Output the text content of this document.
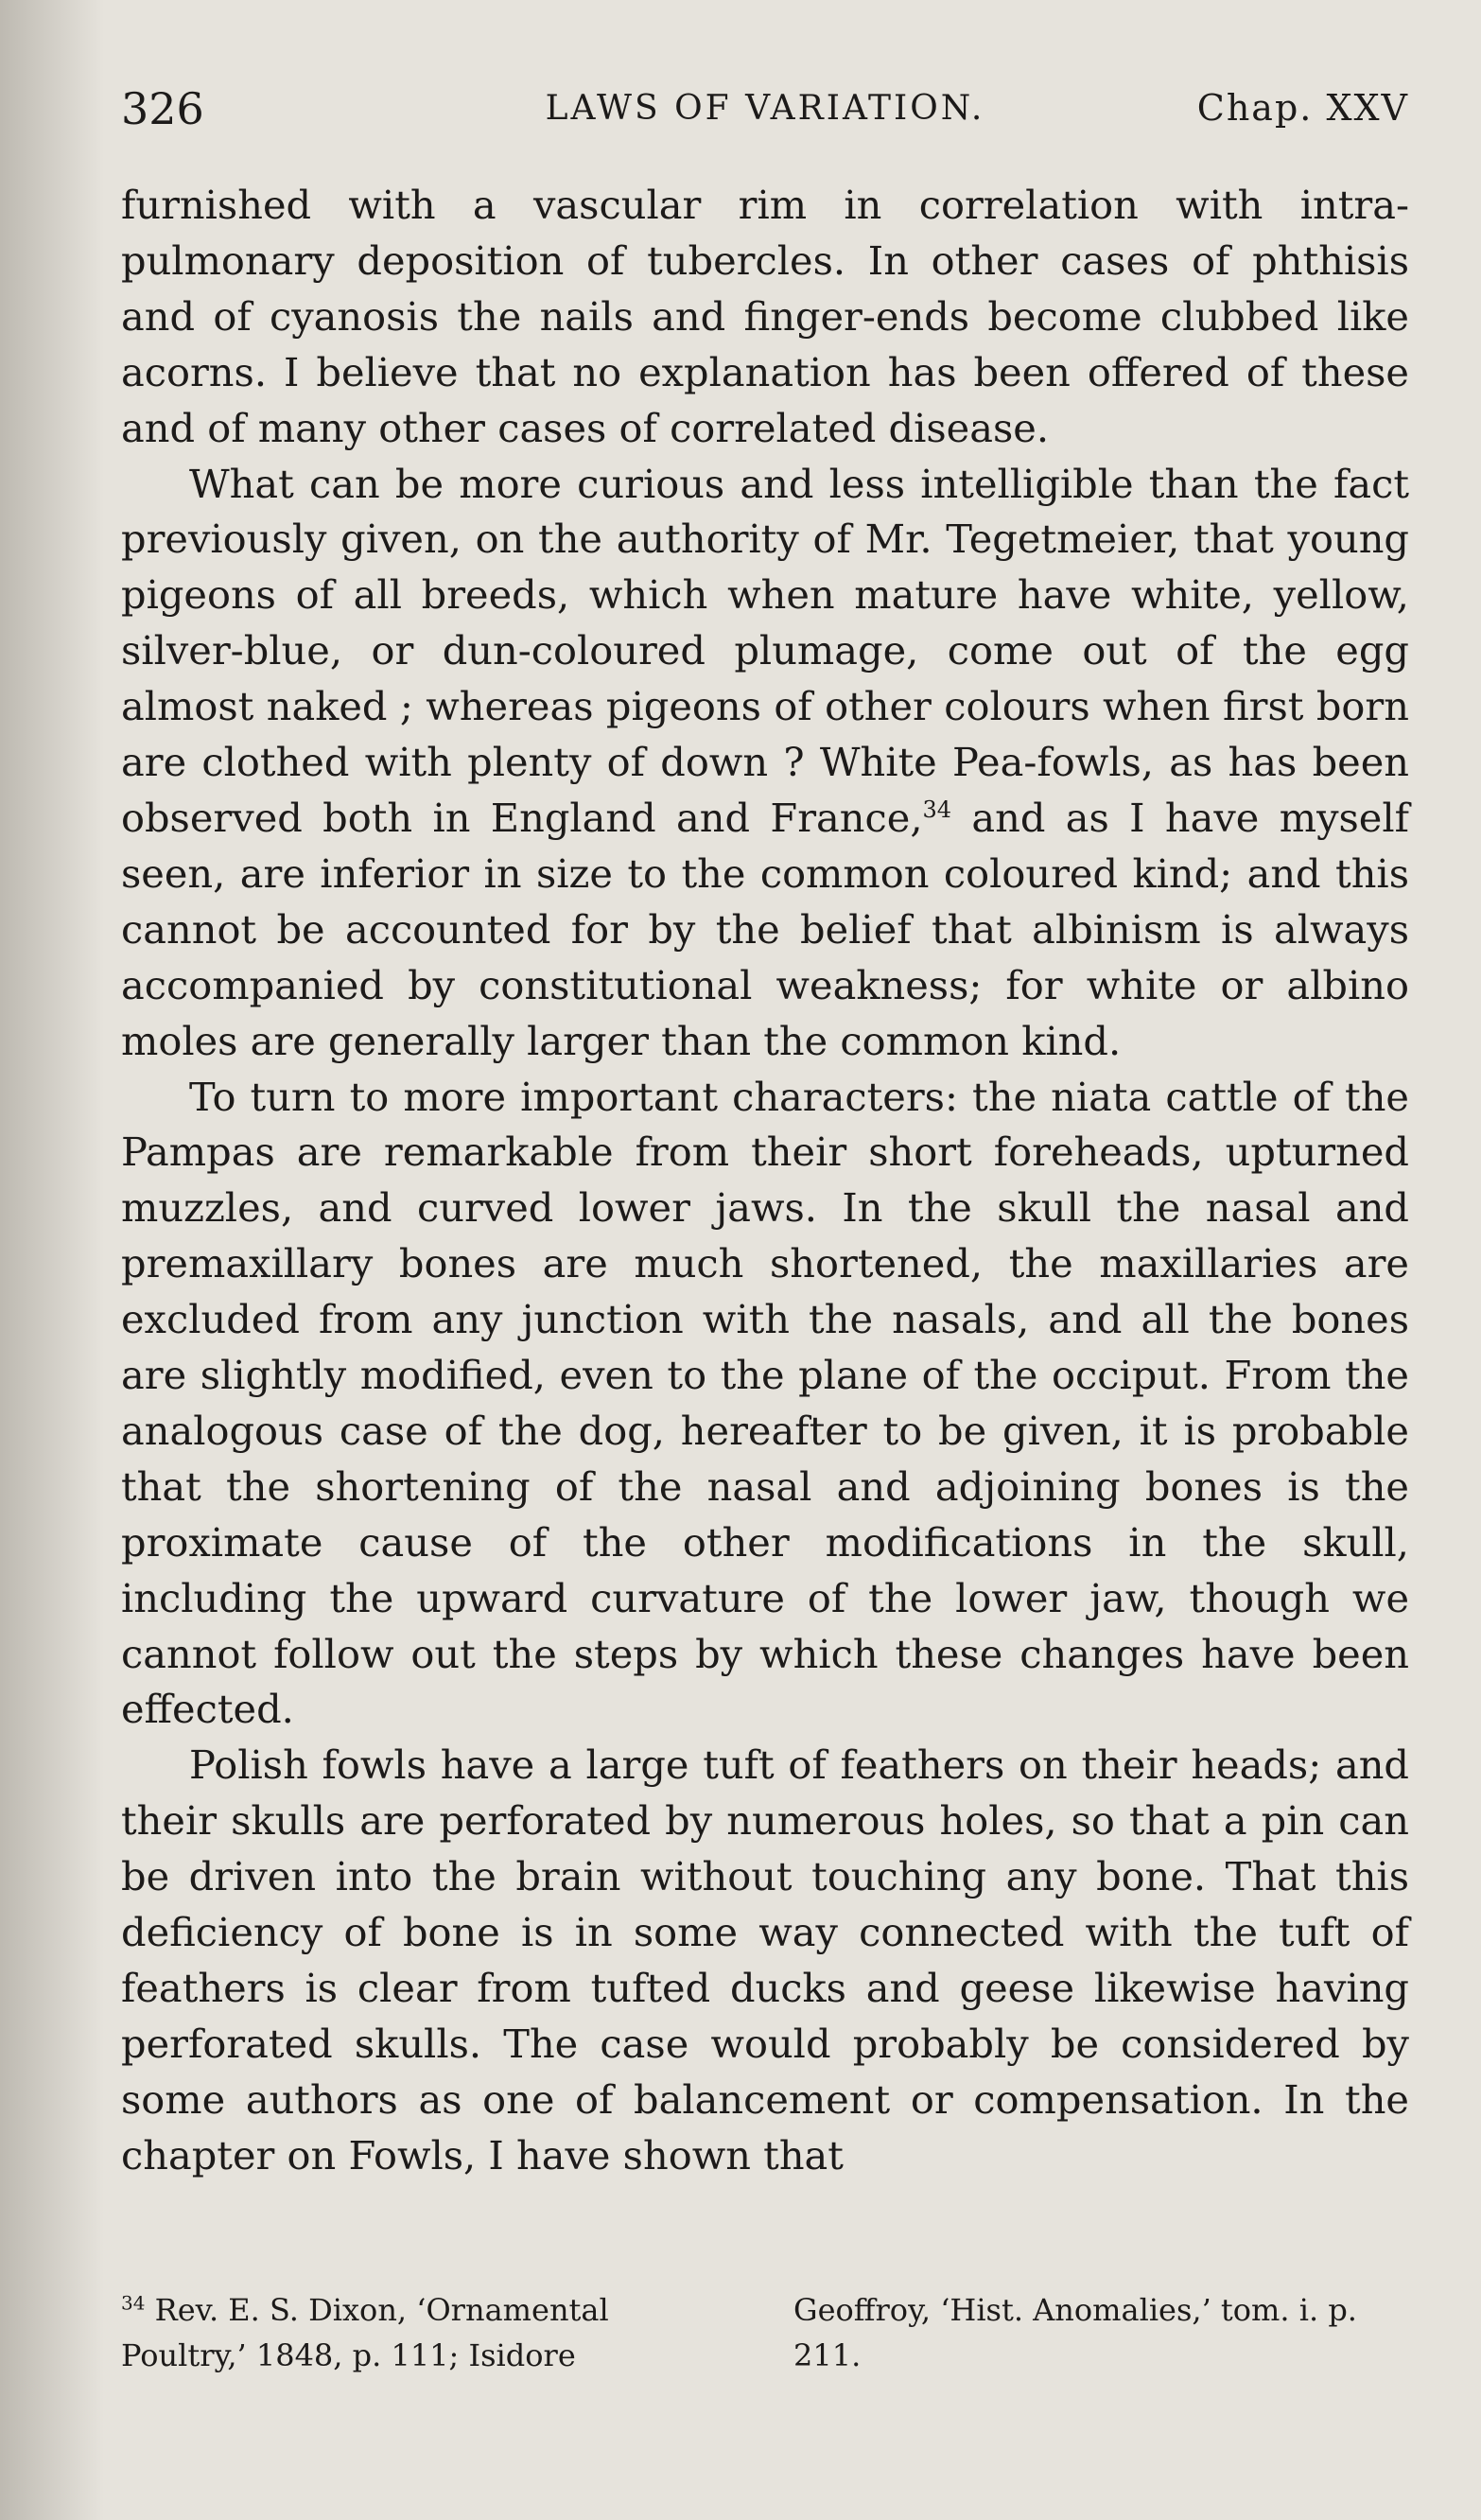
326	LAWS OF VARIATION.	Chap. XXV

furnished with a vascular rim in correlation with intra-pulmonary deposition of tubercles. In other cases of phthisis and of cyanosis the nails and finger-ends become clubbed like acorns. I believe that no explanation has been offered of these and of many other cases of correlated disease.

What can be more curious and less intelligible than the fact previously given, on the authority of Mr. Tegetmeier, that young pigeons of all breeds, which when mature have white, yellow, silver-blue, or dun-coloured plumage, come out of the egg almost naked ; whereas pigeons of other colours when first born are clothed with plenty of down ? White Pea-fowls, as has been observed both in England and France,$^{34}$ and as I have myself seen, are inferior in size to the common coloured kind; and this cannot be accounted for by the belief that albinism is always accompanied by constitutional weakness; for white or albino moles are generally larger than the common kind.

To turn to more important characters: the niata cattle of the Pampas are remarkable from their short foreheads, upturned muzzles, and curved lower jaws. In the skull the nasal and premaxillary bones are much shortened, the maxillaries are excluded from any junction with the nasals, and all the bones are slightly modified, even to the plane of the occiput. From the analogous case of the dog, hereafter to be given, it is probable that the shortening of the nasal and adjoining bones is the proximate cause of the other modifications in the skull, including the upward curvature of the lower jaw, though we cannot follow out the steps by which these changes have been effected.

Polish fowls have a large tuft of feathers on their heads; and their skulls are perforated by numerous holes, so that a pin can be driven into the brain without touching any bone. That this deficiency of bone is in some way connected with the tuft of feathers is clear from tufted ducks and geese likewise having perforated skulls. The case would probably be considered by some authors as one of balancement or compensation. In the chapter on Fowls, I have shown that

$^{34}$ Rev. E. S. Dixon, ‘Ornamental Poultry,’ 1848, p. 111; Isidore
Geoffroy, ‘Hist. Anomalies,’ tom. i. p. 211.
